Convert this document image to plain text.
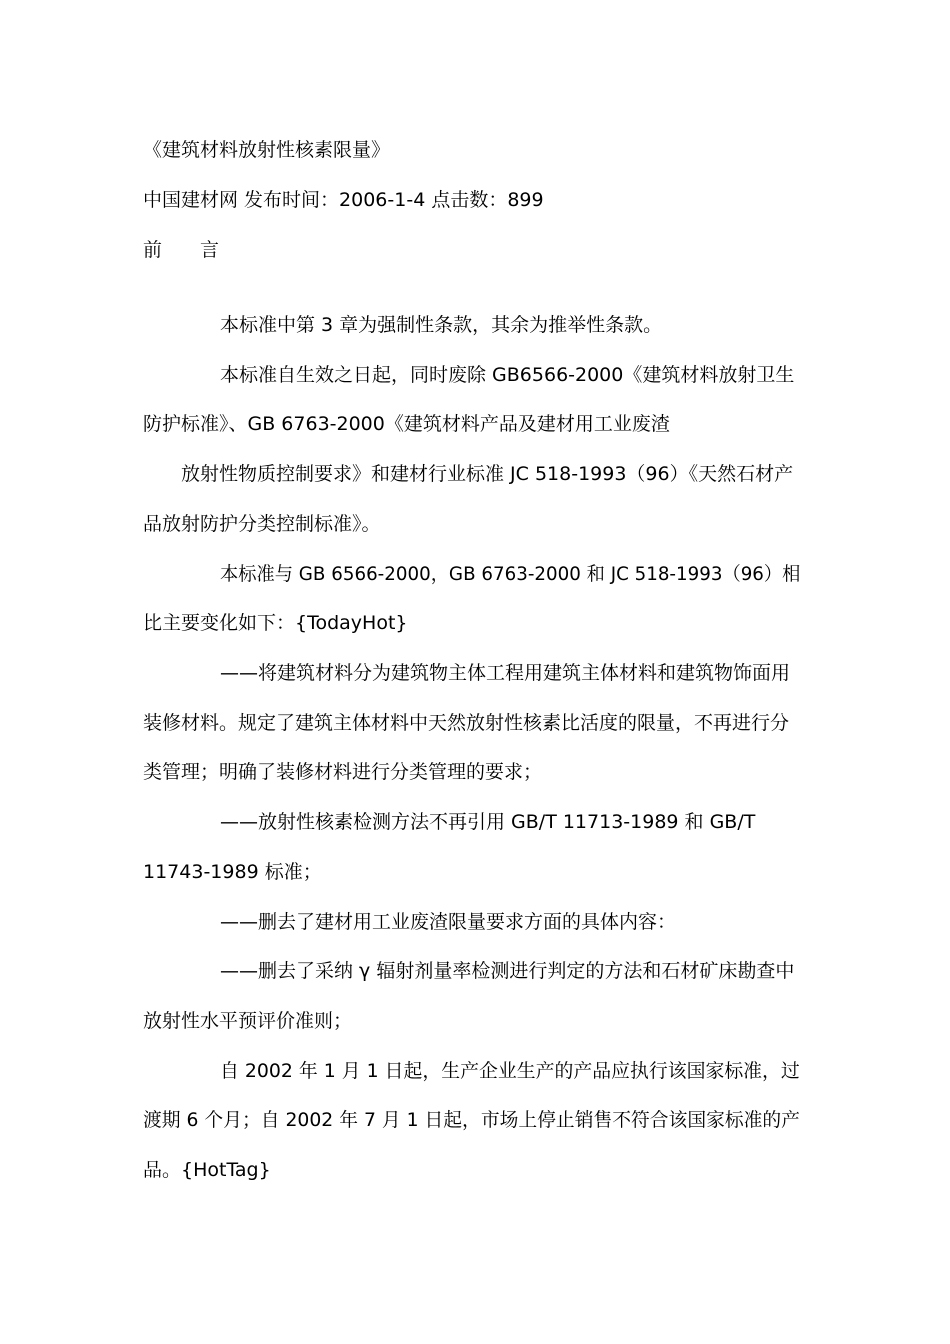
《建筑材料放射性核素限量》
中国建材网 发布时间：2006-1-4 点击数：899
前　　言
本标准中第 3 章为强制性条款，其余为推举性条款。
本标准自生效之日起，同时废除 GB6566-2000《建筑材料放射卫生
防护标准》、GB 6763-2000《建筑材料产品及建材用工业废渣
放射性物质控制要求》和建材行业标准 JC 518-1993（96）《天然石材产
品放射防护分类控制标准》。
本标准与 GB 6566-2000，GB 6763-2000 和 JC 518-1993（96）相
比主要变化如下：{TodayHot}
——将建筑材料分为建筑物主体工程用建筑主体材料和建筑物饰面用
装修材料。规定了建筑主体材料中天然放射性核素比活度的限量，不再进行分
类管理；明确了装修材料进行分类管理的要求；
——放射性核素检测方法不再引用 GB/T 11713-1989 和 GB/T
11743-1989 标准；
——删去了建材用工业废渣限量要求方面的具体内容：
——删去了采纳 γ 辐射剂量率检测进行判定的方法和石材矿床勘查中
放射性水平预评价准则；
自 2002 年 1 月 1 日起，生产企业生产的产品应执行该国家标准，过
渡期 6 个月；自 2002 年 7 月 1 日起，市场上停止销售不符合该国家标准的产
品。{HotTag}
